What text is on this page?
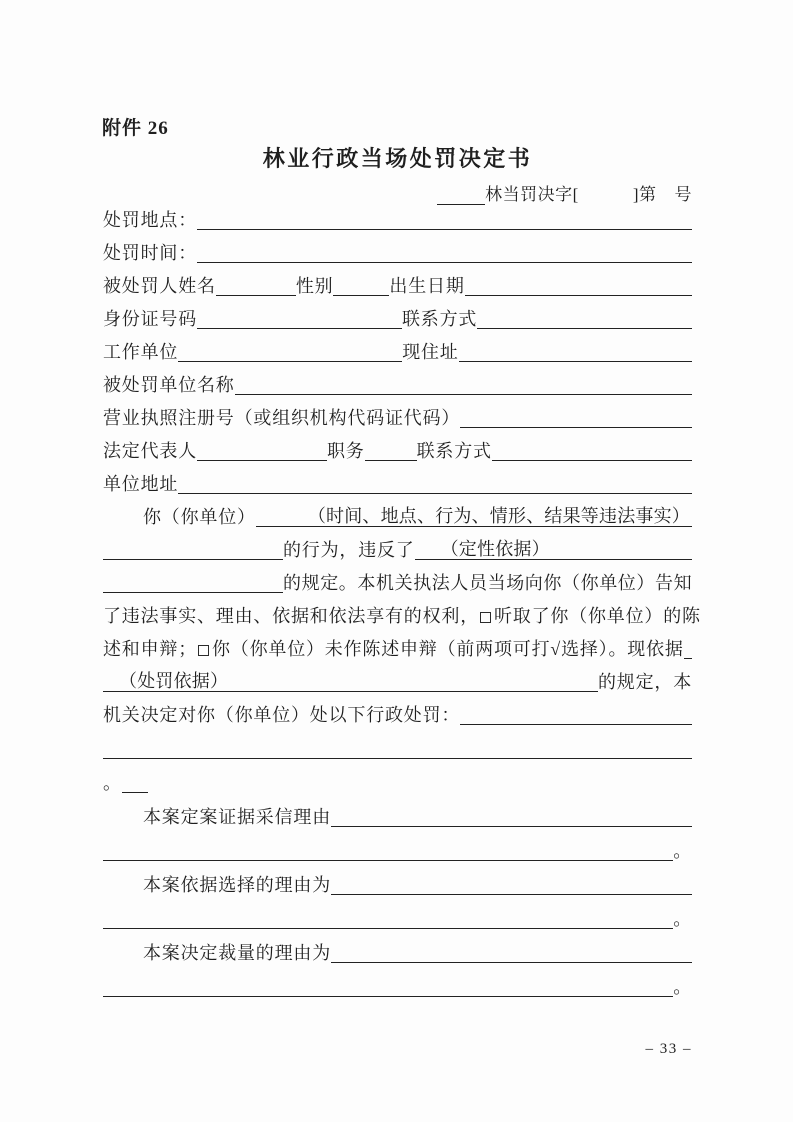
附件 26
林业行政当场处罚决定书
林当罚决字[	]第 号
处罚地点：
处罚时间：
被处罚人姓名	性别	出生日期
身份证号码	联系方式
工作单位	现住址
被处罚单位名称
营业执照注册号（或组织机构代码证代码）
法定代表人	职务	联系方式
单位地址
你（你单位）	（时间、地点、行为、情形、结果等违法事实）
的行为，违反了 （定性依据）
的规定。本机关执法人员当场向你（你单位）告知
了违法事实、理由、依据和依法享有的权利， 听取了你（你单位）的陈
述和申辩； 你（你单位）未作陈述申辩（前两项可打√选择）。现依据
（处罚依据）	的规定，本
机关决定对你（你单位）处以下行政处罚：
。
本案定案证据采信理由
。
本案依据选择的理由为
。
本案决定裁量的理由为
。
– 33 –
